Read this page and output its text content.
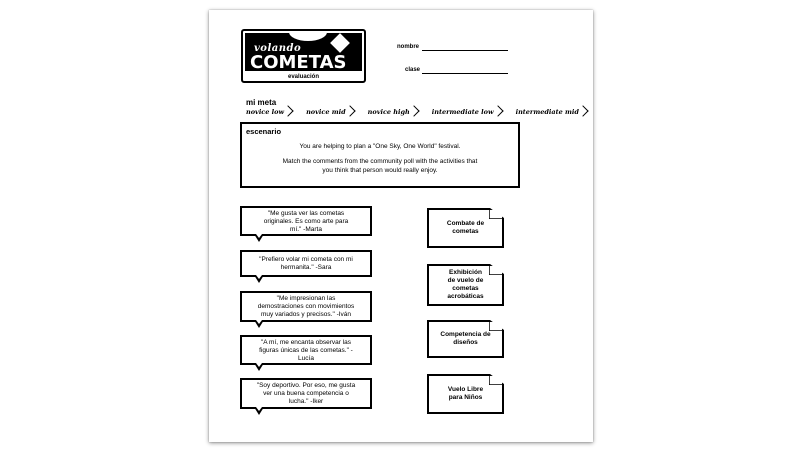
volando
COMETAS
evaluación
nombre
clase
mi meta
novice low	novice mid	novice high	intermediate low	intermediate mid
escenario
You are helping to plan a "One Sky, One World" festival.
Match the comments from the community poll with the activities that
you think that person would really enjoy.
"Me gusta ver las cometas
originales. Es como arte para
mí." -Marta
"Prefiero volar mi cometa con mi
hermanita." -Sara
"Me impresionan las
demostraciones con movimientos
muy variados y precisos." -Iván
"A mí, me encanta observar las
figuras únicas de las cometas." -
Lucía
"Soy deportivo. Por eso, me gusta
ver una buena competencia o
lucha." -Iker
Combate de
cometas
Exhibición
de vuelo de
cometas
acrobáticas
Competencia de
diseños
Vuelo Libre
para Niños
